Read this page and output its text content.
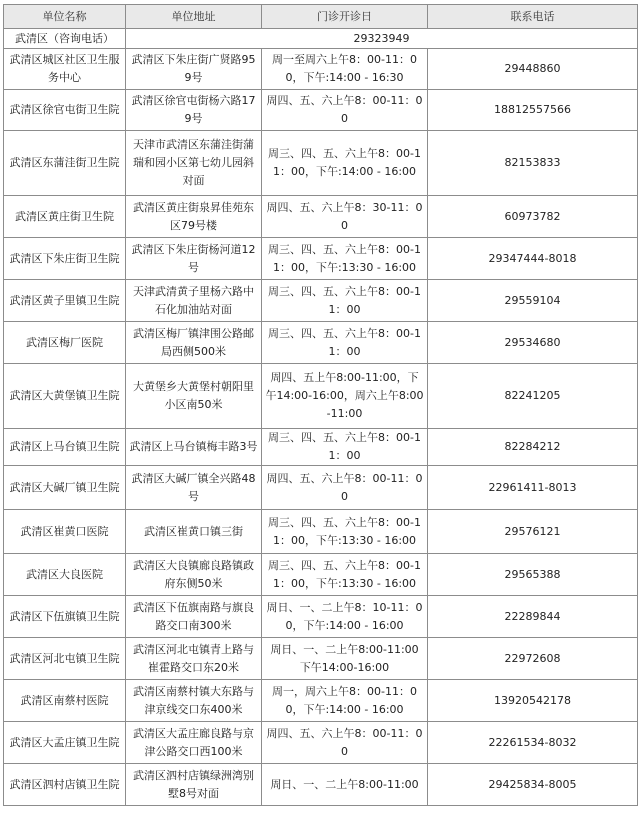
单位名称	单位地址	门诊开诊日	联系电话
武清区（咨询电话）	29323949		
武清区城区社区卫生服务中心	武清区下朱庄街广贤路959号	周一至周六上午8：00-11：00，下午:14:00 - 16:30	29448860
武清区徐官屯街卫生院	武清区徐官屯街杨六路179号	周四、五、六上午8：00-11：00	18812557566
武清区东蒲洼街卫生院	天津市武清区东蒲洼街蒲瑞和园小区第七幼儿园斜对面	周三、四、五、六上午8：00-11：00，下午:14:00 - 16:00	82153833
武清区黄庄街卫生院	武清区黄庄街泉昇佳苑东区79号楼	周四、五、六上午8：30-11：00	60973782
武清区下朱庄街卫生院	武清区下朱庄街杨河道12号	周三、四、五、六上午8：00-11：00，下午:13:30 - 16:00	29347444-8018
武清区黄子里镇卫生院	天津武清黄子里杨六路中石化加油站对面	周三、四、五、六上午8：00-11：00	29559104
武清区梅厂医院	武清区梅厂镇津围公路邮局西侧500米	周三、四、五、六上午8：00-11：00	29534680
武清区大黄堡镇卫生院	大黄堡乡大黄堡村朝阳里小区南50米	周四、五上午8:00-11:00，下午14:00-16:00，周六上午8:00-11:00	82241205
武清区上马台镇卫生院	武清区上马台镇梅丰路3号	周三、四、五、六上午8：00-11：00	82284212
武清区大碱厂镇卫生院	武清区大碱厂镇全兴路48号	周四、五、六上午8：00-11：00	22961411-8013
武清区崔黄口医院	武清区崔黄口镇三街	周三、四、五、六上午8：00-11：00，下午:13:30 - 16:00	29576121
武清区大良医院	武清区大良镇廊良路镇政府东侧50米	周三、四、五、六上午8：00-11：00，下午:13:30 - 16:00	29565388
武清区下伍旗镇卫生院	武清区下伍旗南路与旗良路交口南300米	周日、一、二上午8：10-11：00，下午:14:00 - 16:00	22289844
武清区河北屯镇卫生院	武清区河北屯镇青上路与崔霍路交口东20米	周日、一、二上午8:00-11:00下午14:00-16:00	22972608
武清区南蔡村医院	武清区南蔡村镇大东路与津京线交口东400米	周一，周六上午8：00-11：00，下午:14:00 - 16:00	13920542178
武清区大孟庄镇卫生院	武清区大孟庄廊良路与京津公路交口西100米	周四、五、六上午8：00-11：00	22261534-8032
武清区泗村店镇卫生院	武清区泗村店镇绿洲湾别墅8号对面	周日、一、二上午8:00-11:00	29425834-8005
